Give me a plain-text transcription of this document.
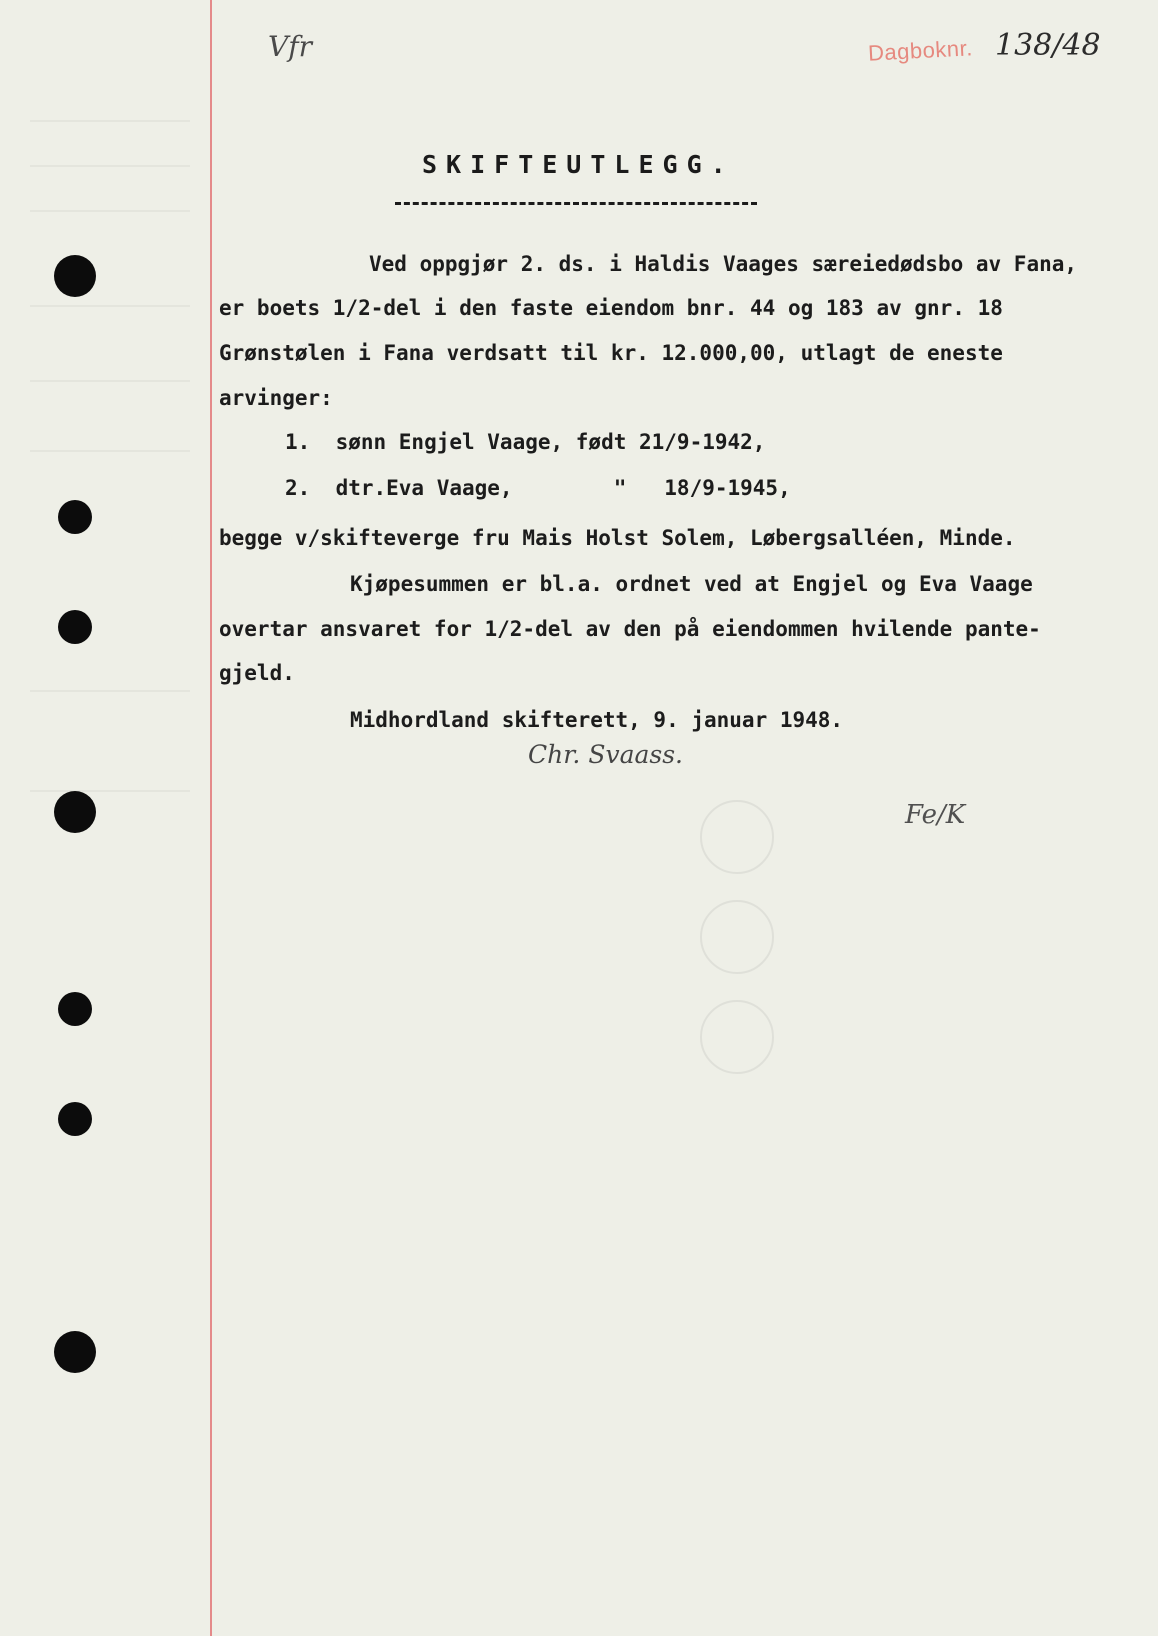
Vfr	Dagboknr. 138/48
SKIFTEUTLEGG.
Ved oppgjør 2. ds. i Haldis Vaages særeiedødsbo av Fana,
er boets 1/2-del i den faste eiendom bnr. 44 og 183 av gnr. 18
Grønstølen i Fana verdsatt til kr. 12.000,00, utlagt de eneste
arvinger:
1.  sønn Engjel Vaage, født 21/9-1942,
2.  dtr.Eva Vaage,        "   18/9-1945,
begge v/skifteverge fru Mais Holst Solem, Løbergsalléen, Minde.
Kjøpesummen er bl.a. ordnet ved at Engjel og Eva Vaage
overtar ansvaret for 1/2-del av den på eiendommen hvilende pante-
gjeld.
Midhordland skifterett, 9. januar 1948.
Chr. Svaass.
Fe/K
